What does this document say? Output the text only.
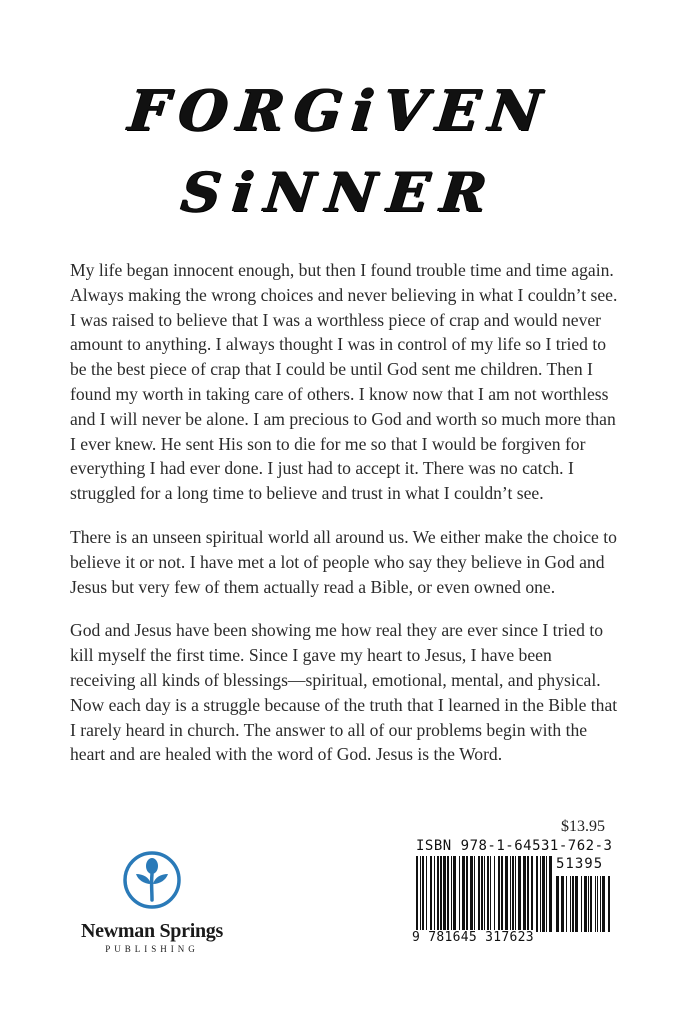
FORGiVEN
SiNNER

My life began innocent enough, but then I found trouble time and time again. Always making the wrong choices and never believing in what I couldn’t see. I was raised to believe that I was a worthless piece of crap and would never amount to anything. I always thought I was in control of my life so I tried to be the best piece of crap that I could be until God sent me children. Then I found my worth in taking care of others. I know now that I am not worthless and I will never be alone. I am precious to God and worth so much more than I ever knew. He sent His son to die for me so that I would be forgiven for everything I had ever done. I just had to accept it. There was no catch. I struggled for a long time to believe and trust in what I couldn’t see.

There is an unseen spiritual world all around us. We either make the choice to believe it or not. I have met a lot of people who say they believe in God and Jesus but very few of them actually read a Bible, or even owned one.

God and Jesus have been showing me how real they are ever since I tried to kill myself the first time. Since I gave my heart to Jesus, I have been receiving all kinds of blessings—spiritual, emotional, mental, and physical. Now each day is a struggle because of the truth that I learned in the Bible that I rarely heard in church. The answer to all of our problems begin with the heart and are healed with the word of God. Jesus is the Word.

$13.95
ISBN 978-1-64531-762-3
51395
9 781645 317623
Newman Springs
PUBLISHING
